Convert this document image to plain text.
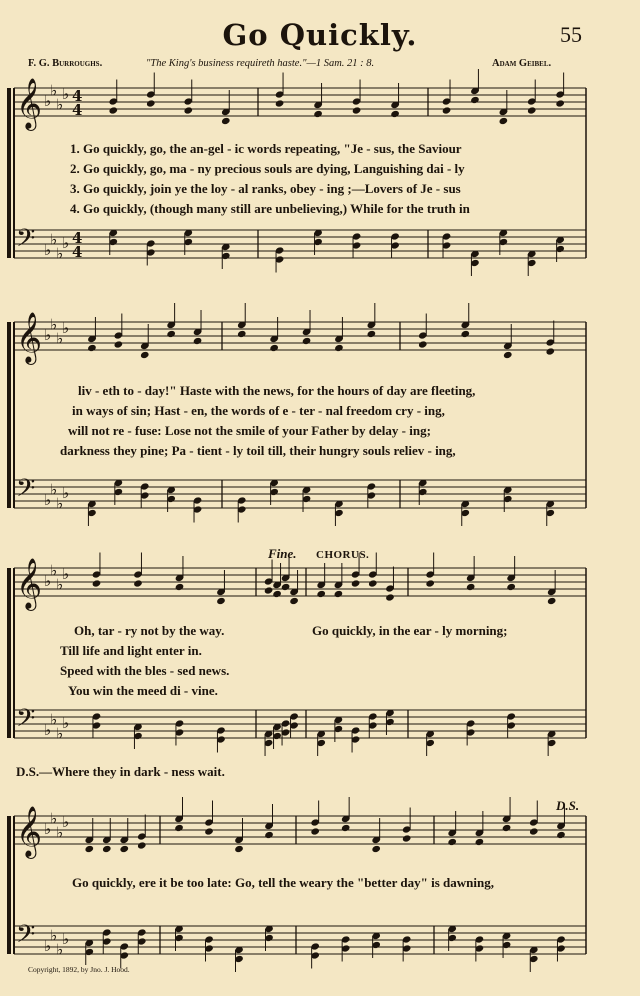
Go Quickly.	55
F. G. Burroughs.	"The King's business requireth haste."—1 Sam. 21 : 8.	Adam Geibel.
𝄞 ♭
♭
♭
♭ 4
4
𝄢 ♭
♭
♭
♭ 4
4
1. Go quickly, go, the an-gel - ic words repeating, "Je - sus, the Saviour
2. Go quickly, go, ma - ny precious souls are dying, Languishing dai - ly
3. Go quickly, join ye the loy - al ranks, obey - ing ;—Lovers of Je - sus
4. Go quickly, (though many still are unbelieving,) While for the truth in
𝄞 ♭
♭
♭
♭
𝄢 ♭
♭
♭
♭
liv - eth to - day!" Haste with the news, for the hours of day are fleeting,
in ways of sin; Hast - en, the words of e - ter - nal freedom cry - ing,
will not re - fuse: Lose not the smile of your Father by delay - ing;
darkness they pine; Pa - tient - ly toil till, their hungry souls reliev - ing,
Fine. CHORUS.
𝄞 ♭
♭
♭
♭
𝄢 ♭
♭
♭
♭
Oh, tar - ry not by the way.	Go quickly, in the ear - ly morning;
Till life and light enter in.
Speed with the bles - sed news.
You win the meed di - vine.
D.S.—Where they in dark - ness wait.
D.S.
𝄞 ♭
♭
♭
♭
𝄢 ♭
♭
♭
♭
Go quickly, ere it be too late: Go, tell the weary the "better day" is dawning,
Copyright, 1892, by Jno. J. Hood.
